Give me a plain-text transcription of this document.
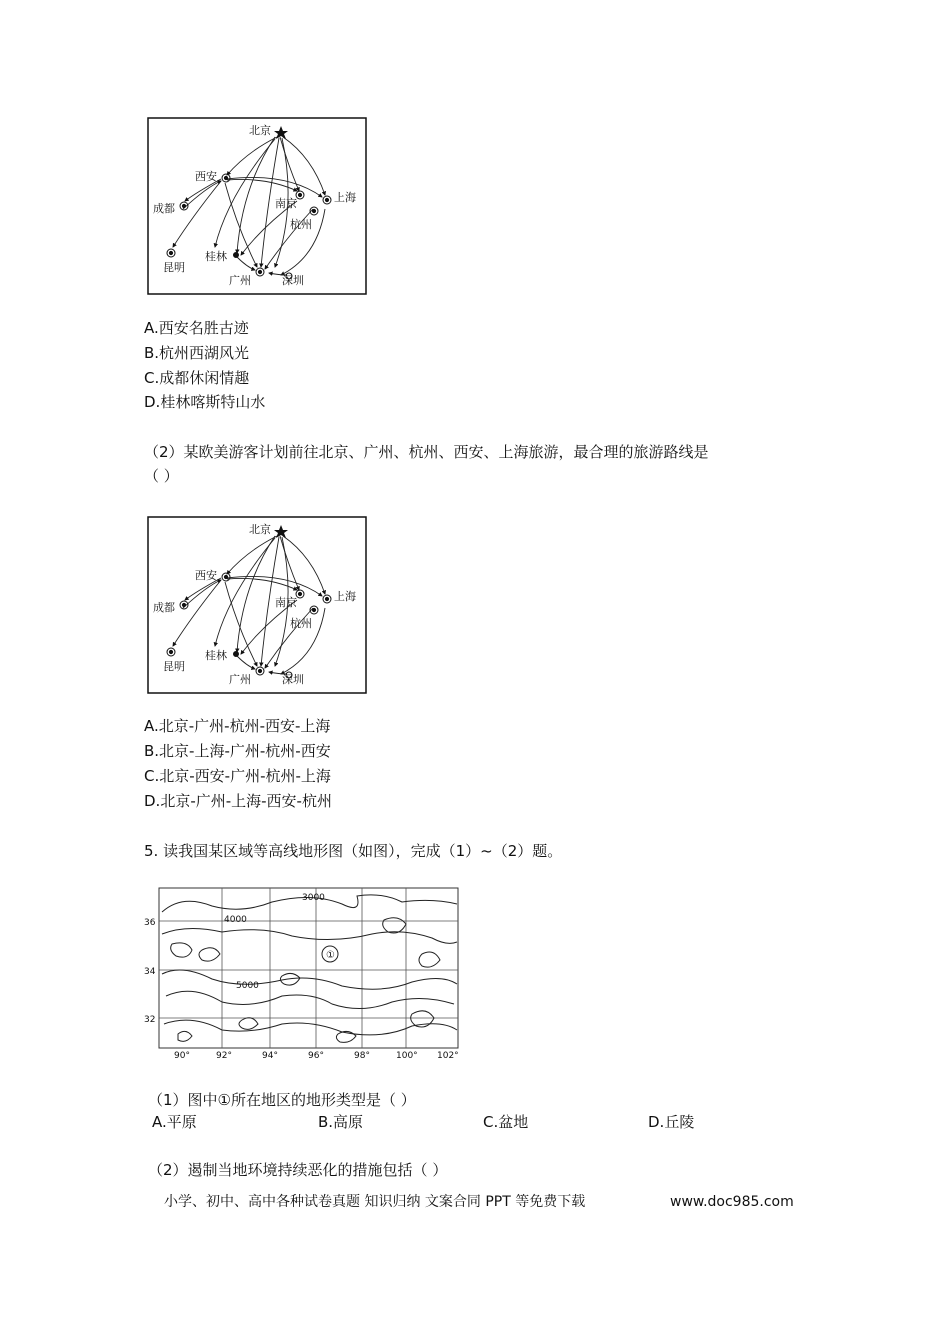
北京
西安
成都
昆明
桂林
广州	深圳
南京
杭州
上海
A.西安名胜古迹
B.杭州西湖风光
C.成都休闲情趣
D.桂林喀斯特山水
（2）某欧美游客计划前往北京、广州、杭州、西安、上海旅游，最合理的旅游路线是
（ ）
北京
西安
成都
昆明
桂林
广州	深圳
南京
杭州
上海
A.北京-广州-杭州-西安-上海
B.北京-上海-广州-杭州-西安
C.北京-西安-广州-杭州-上海
D.北京-广州-上海-西安-杭州
5. 读我国某区域等高线地形图（如图），完成（1）~（2）题。
3000
4000
5000
①
36
34
32
90°	92°	94°	96°	98°	100° 102°
（1）图中①所在地区的地形类型是（ ）
A.平原	B.高原	C.盆地	D.丘陵
（2）遏制当地环境持续恶化的措施包括（ ）
小学、初中、高中各种试卷真题 知识归纳 文案合同 PPT 等免费下载	www.doc985.com
